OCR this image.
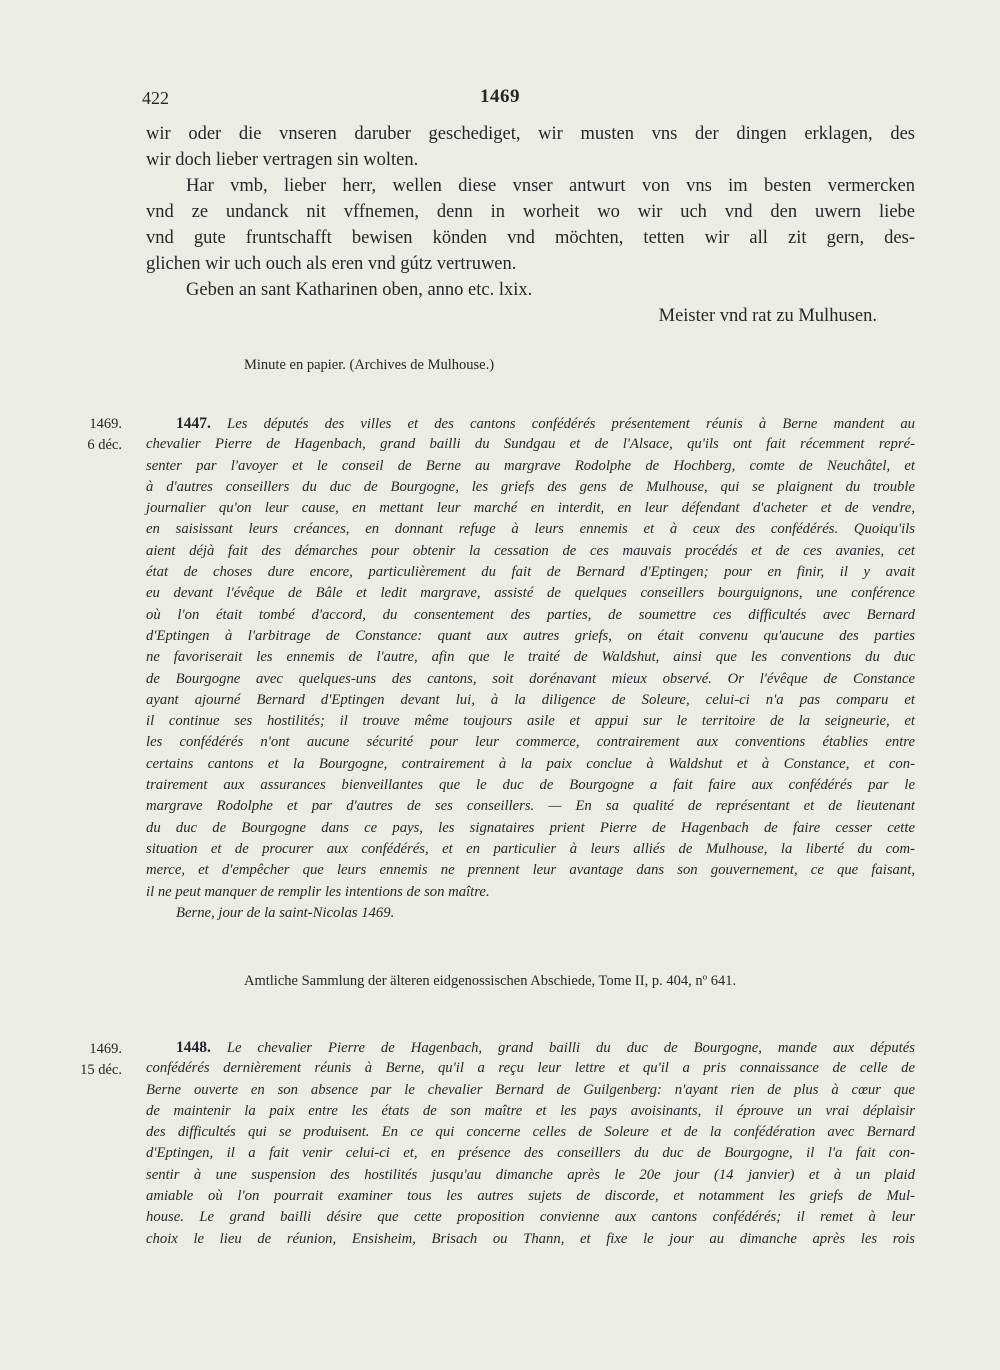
422	1469
wir oder die vnseren daruber geschediget, wir musten vns der dingen erklagen, des
wir doch lieber vertragen sin wolten.
Har vmb, lieber herr, wellen diese vnser antwurt von vns im besten vermercken
vnd ze undanck nit vffnemen, denn in worheit wo wir uch vnd den uwern liebe
vnd gute fruntschafft bewisen könden vnd möchten, tetten wir all zit gern, des-
glichen wir uch ouch als eren vnd gútz vertruwen.
Geben an sant Katharinen oben, anno etc. lxix.
Meister vnd rat zu Mulhusen.
Minute en papier. (Archives de Mulhouse.)
1469.
6 déc.
1447. Les députés des villes et des cantons confédérés présentement réunis à Berne mandent au
chevalier Pierre de Hagenbach, grand bailli du Sundgau et de l'Alsace, qu'ils ont fait récemment repré-
senter par l'avoyer et le conseil de Berne au margrave Rodolphe de Hochberg, comte de Neuchâtel, et
à d'autres conseillers du duc de Bourgogne, les griefs des gens de Mulhouse, qui se plaignent du trouble
journalier qu'on leur cause, en mettant leur marché en interdit, en leur défendant d'acheter et de vendre,
en saisissant leurs créances, en donnant refuge à leurs ennemis et à ceux des confédérés. Quoiqu'ils
aient déjà fait des démarches pour obtenir la cessation de ces mauvais procédés et de ces avanies, cet
état de choses dure encore, particulièrement du fait de Bernard d'Eptingen; pour en finir, il y avait
eu devant l'évêque de Bâle et ledit margrave, assisté de quelques conseillers bourguignons, une conférence
où l'on était tombé d'accord, du consentement des parties, de soumettre ces difficultés avec Bernard
d'Eptingen à l'arbitrage de Constance: quant aux autres griefs, on était convenu qu'aucune des parties
ne favoriserait les ennemis de l'autre, afin que le traité de Waldshut, ainsi que les conventions du duc
de Bourgogne avec quelques-uns des cantons, soit dorénavant mieux observé. Or l'évêque de Constance
ayant ajourné Bernard d'Eptingen devant lui, à la diligence de Soleure, celui-ci n'a pas comparu et
il continue ses hostilités; il trouve même toujours asile et appui sur le territoire de la seigneurie, et
les confédérés n'ont aucune sécurité pour leur commerce, contrairement aux conventions établies entre
certains cantons et la Bourgogne, contrairement à la paix conclue à Waldshut et à Constance, et con-
trairement aux assurances bienveillantes que le duc de Bourgogne a fait faire aux confédérés par le
margrave Rodolphe et par d'autres de ses conseillers. — En sa qualité de représentant et de lieutenant
du duc de Bourgogne dans ce pays, les signataires prient Pierre de Hagenbach de faire cesser cette
situation et de procurer aux confédérés, et en particulier à leurs alliés de Mulhouse, la liberté du com-
merce, et d'empêcher que leurs ennemis ne prennent leur avantage dans son gouvernement, ce que faisant,
il ne peut manquer de remplir les intentions de son maître.
Berne, jour de la saint-Nicolas 1469.
Amtliche Sammlung der älteren eidgenossischen Abschiede, Tome II, p. 404, nº 641.
1469.
15 déc.
1448. Le chevalier Pierre de Hagenbach, grand bailli du duc de Bourgogne, mande aux députés
confédérés dernièrement réunis à Berne, qu'il a reçu leur lettre et qu'il a pris connaissance de celle de
Berne ouverte en son absence par le chevalier Bernard de Guilgenberg: n'ayant rien de plus à cœur que
de maintenir la paix entre les états de son maître et les pays avoisinants, il éprouve un vrai déplaisir
des difficultés qui se produisent. En ce qui concerne celles de Soleure et de la confédération avec Bernard
d'Eptingen, il a fait venir celui-ci et, en présence des conseillers du duc de Bourgogne, il l'a fait con-
sentir à une suspension des hostilités jusqu'au dimanche après le 20e jour (14 janvier) et à un plaid
amiable où l'on pourrait examiner tous les autres sujets de discorde, et notamment les griefs de Mul-
house. Le grand bailli désire que cette proposition convienne aux cantons confédérés; il remet à leur
choix le lieu de réunion, Ensisheim, Brisach ou Thann, et fixe le jour au dimanche après les rois
